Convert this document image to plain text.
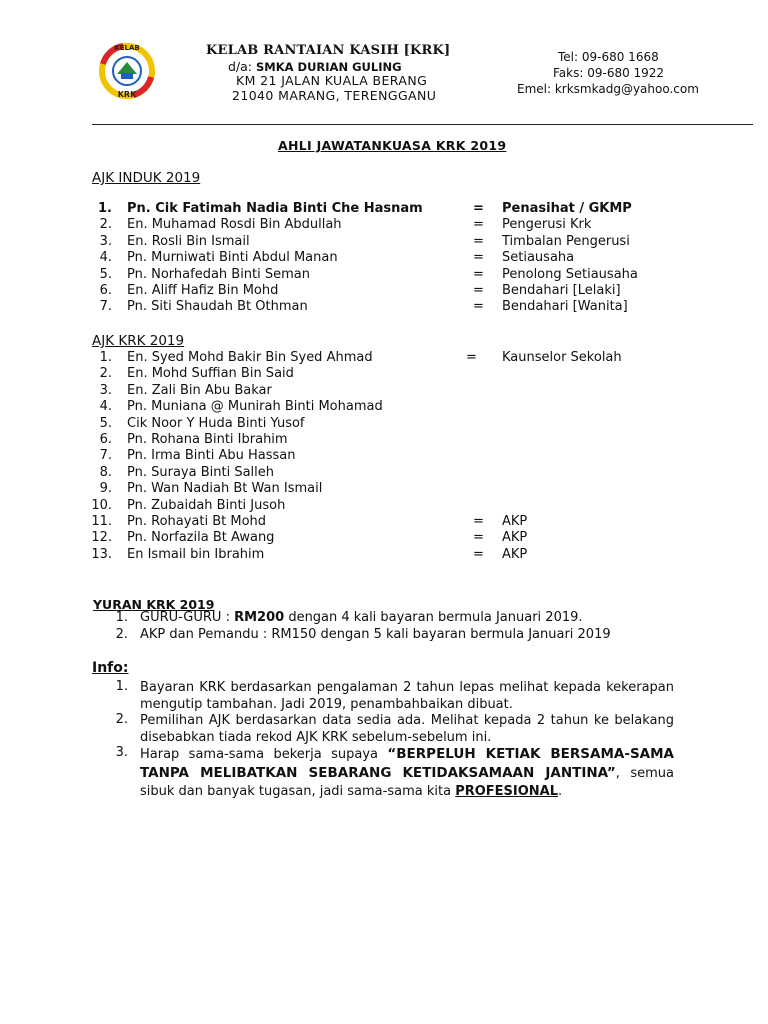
KELAB
KRK
KELAB RANTAIAN KASIH [KRK]
d/a: SMKA DURIAN GULING
KM 21 JALAN KUALA BERANG
21040 MARANG, TERENGGANU
Tel: 09-680 1668
Faks: 09-680 1922
Emel: krksmkadg@yahoo.com
AHLI JAWATANKUASA KRK 2019
AJK INDUK 2019
1. Pn. Cik Fatimah Nadia Binti Che Hasnam	= Penasihat / GKMP
2. En. Muhamad Rosdi Bin Abdullah	= Pengerusi Krk
3. En. Rosli Bin Ismail	= Timbalan Pengerusi
4. Pn. Murniwati Binti Abdul Manan	= Setiausaha
5. Pn. Norhafedah Binti Seman	= Penolong Setiausaha
6. En. Aliff Hafiz Bin Mohd	= Bendahari [Lelaki]
7. Pn. Siti Shaudah Bt Othman	= Bendahari [Wanita]
AJK KRK 2019
1. En. Syed Mohd Bakir Bin Syed Ahmad	= Kaunselor Sekolah
2. En. Mohd Suffian Bin Said
3. En. Zali Bin Abu Bakar
4. Pn. Muniana @ Munirah Binti Mohamad
5. Cik Noor Y Huda Binti Yusof
6. Pn. Rohana Binti Ibrahim
7. Pn. Irma Binti Abu Hassan
8. Pn. Suraya Binti Salleh
9. Pn. Wan Nadiah Bt Wan Ismail
10. Pn. Zubaidah Binti Jusoh
11. Pn. Rohayati Bt Mohd	= AKP
12. Pn. Norfazila Bt Awang	= AKP
13. En Ismail bin Ibrahim	= AKP
YURAN KRK 2019
1. GURU-GURU : RM200 dengan 4 kali bayaran bermula Januari 2019.
2. AKP dan Pemandu : RM150 dengan 5 kali bayaran bermula Januari 2019
Info:
1. Bayaran KRK berdasarkan pengalaman 2 tahun lepas melihat kepada kekerapan mengutip tambahan. Jadi 2019, penambahbaikan dibuat.
2. Pemilihan AJK berdasarkan data sedia ada. Melihat kepada 2 tahun ke belakang disebabkan tiada rekod AJK KRK sebelum-sebelum ini.
3. Harap sama-sama bekerja supaya “BERPELUH KETIAK BERSAMA-SAMA TANPA MELIBATKAN SEBARANG KETIDAKSAMAAN JANTINA”, semua sibuk dan banyak tugasan, jadi sama-sama kita PROFESIONAL.
